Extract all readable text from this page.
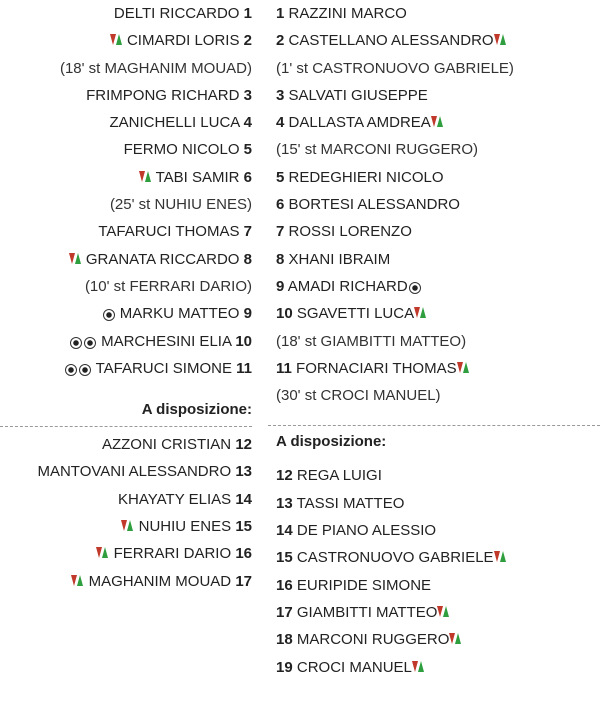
DELTI RICCARDO 1
CIMARDI LORIS 2
(18' st MAGHANIM MOUAD)
FRIMPONG RICHARD 3
ZANICHELLI LUCA 4
FERMO NICOLO 5
TABI SAMIR 6
(25' st NUHIU ENES)
TAFARUCI THOMAS 7
GRANATA RICCARDO 8
(10' st FERRARI DARIO)
MARKU MATTEO 9
MARCHESINI ELIA 10
TAFARUCI SIMONE 11
A disposizione:
AZZONI CRISTIAN 12
MANTOVANI ALESSANDRO 13
KHAYATY ELIAS 14
NUHIU ENES 15
FERRARI DARIO 16
MAGHANIM MOUAD 17
1 RAZZINI MARCO
2 CASTELLANO ALESSANDRO
(1' st CASTRONUOVO GABRIELE)
3 SALVATI GIUSEPPE
4 DALLASTA AMDREA
(15' st MARCONI RUGGERO)
5 REDEGHIERI NICOLO
6 BORTESI ALESSANDRO
7 ROSSI LORENZO
8 XHANI IBRAIM
9 AMADI RICHARD
10 SGAVETTI LUCA
(18' st GIAMBITTI MATTEO)
11 FORNACIARI THOMAS
(30' st CROCI MANUEL)
A disposizione:
12 REGA LUIGI
13 TASSI MATTEO
14 DE PIANO ALESSIO
15 CASTRONUOVO GABRIELE
16 EURIPIDE SIMONE
17 GIAMBITTI MATTEO
18 MARCONI RUGGERO
19 CROCI MANUEL
